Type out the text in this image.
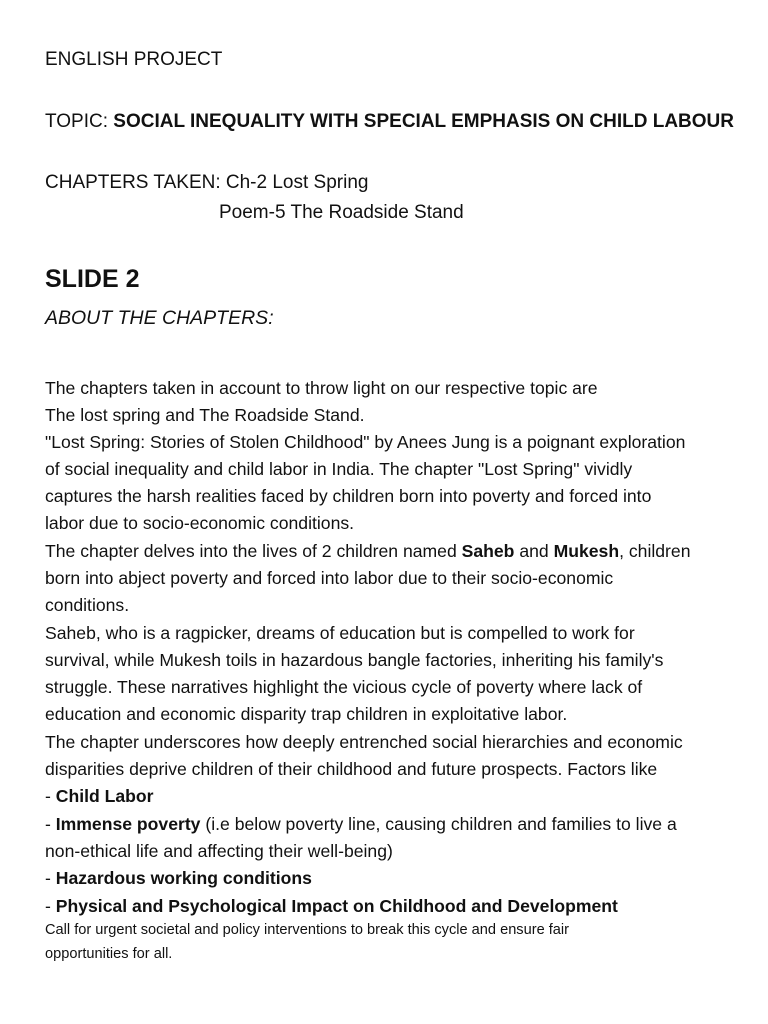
ENGLISH PROJECT
TOPIC: SOCIAL INEQUALITY WITH SPECIAL EMPHASIS ON CHILD LABOUR
CHAPTERS TAKEN: Ch-2 Lost Spring
Poem-5 The Roadside Stand
SLIDE 2
ABOUT THE CHAPTERS:
The chapters taken in account to throw light on our respective topic are
The lost spring and The Roadside Stand.
"Lost Spring: Stories of Stolen Childhood" by Anees Jung is a poignant exploration
of social inequality and child labor in India. The chapter "Lost Spring" vividly
captures the harsh realities faced by children born into poverty and forced into
labor due to socio-economic conditions.
The chapter delves into the lives of 2 children named Saheb and Mukesh, children
born into abject poverty and forced into labor due to their socio-economic
conditions.
Saheb, who is a ragpicker, dreams of education but is compelled to work for
survival, while Mukesh toils in hazardous bangle factories, inheriting his family's
struggle. These narratives highlight the vicious cycle of poverty where lack of
education and economic disparity trap children in exploitative labor.
The chapter underscores how deeply entrenched social hierarchies and economic
disparities deprive children of their childhood and future prospects. Factors like
- Child Labor
- Immense poverty (i.e below poverty line, causing children and families to live a
non-ethical life and affecting their well-being)
- Hazardous working conditions
- Physical and Psychological Impact on Childhood and Development
Call for urgent societal and policy interventions to break this cycle and ensure fair
opportunities for all.
